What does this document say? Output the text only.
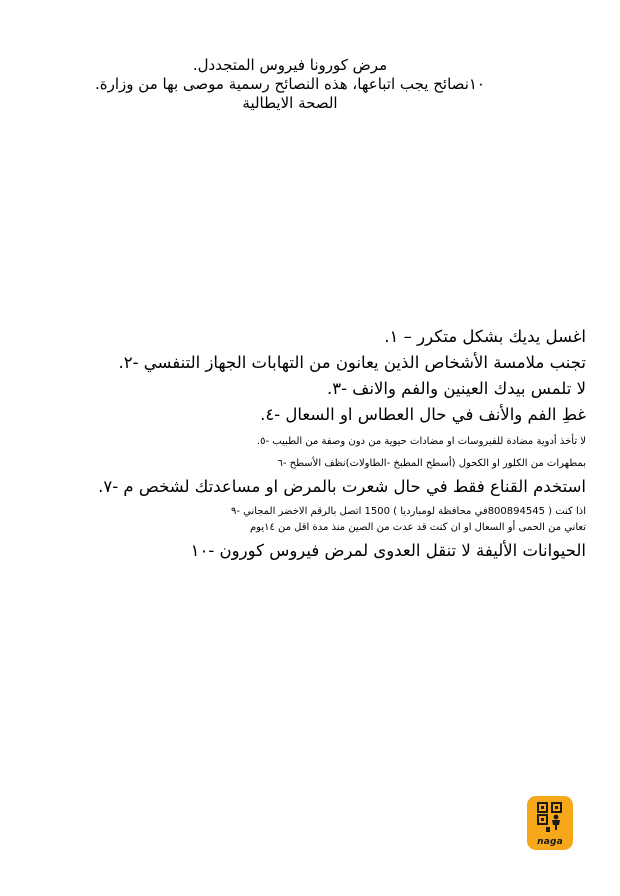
مرض كورونا فيروس المتجددل.
١٠نصائح يجب اتباعها، هذه النصائح رسمية موصى بها من وزارة.
الصحة الايطالية
اغسل يديك بشكل متكرر – ١.
تجنب ملامسة الأشخاص الذين يعانون من التهابات الجهاز التنفسي -٢.
لا تلمس بيدك العينين والفم والانف -٣.
غطِ الفم والأنف في حال العطاس او السعال -٤.
لا تأخذ أدوية مضادة للفيروسات او مضادات حيوية من دون وصفة من الطبيب -٥.
بمطهرات من الكلور او الكحول (أسطح المطبخ -الطاولات)نظف الأسطح -٦
استخدم القناع فقط في حال شعرت بالمرض او مساعدتك لشخص م -٧.
اذا كنت ( 800894545في محافظة لومبارديا ) 1500 اتصل بالرقم الاخضر المجاني -٩
تعاني من الحمى أو السعال او ان كنت قد عدت من الصين منذ مدة اقل من ١٤يوم
الحيوانات الأليفة لا تنقل العدوى لمرض فيروس كورون -١٠
naga
